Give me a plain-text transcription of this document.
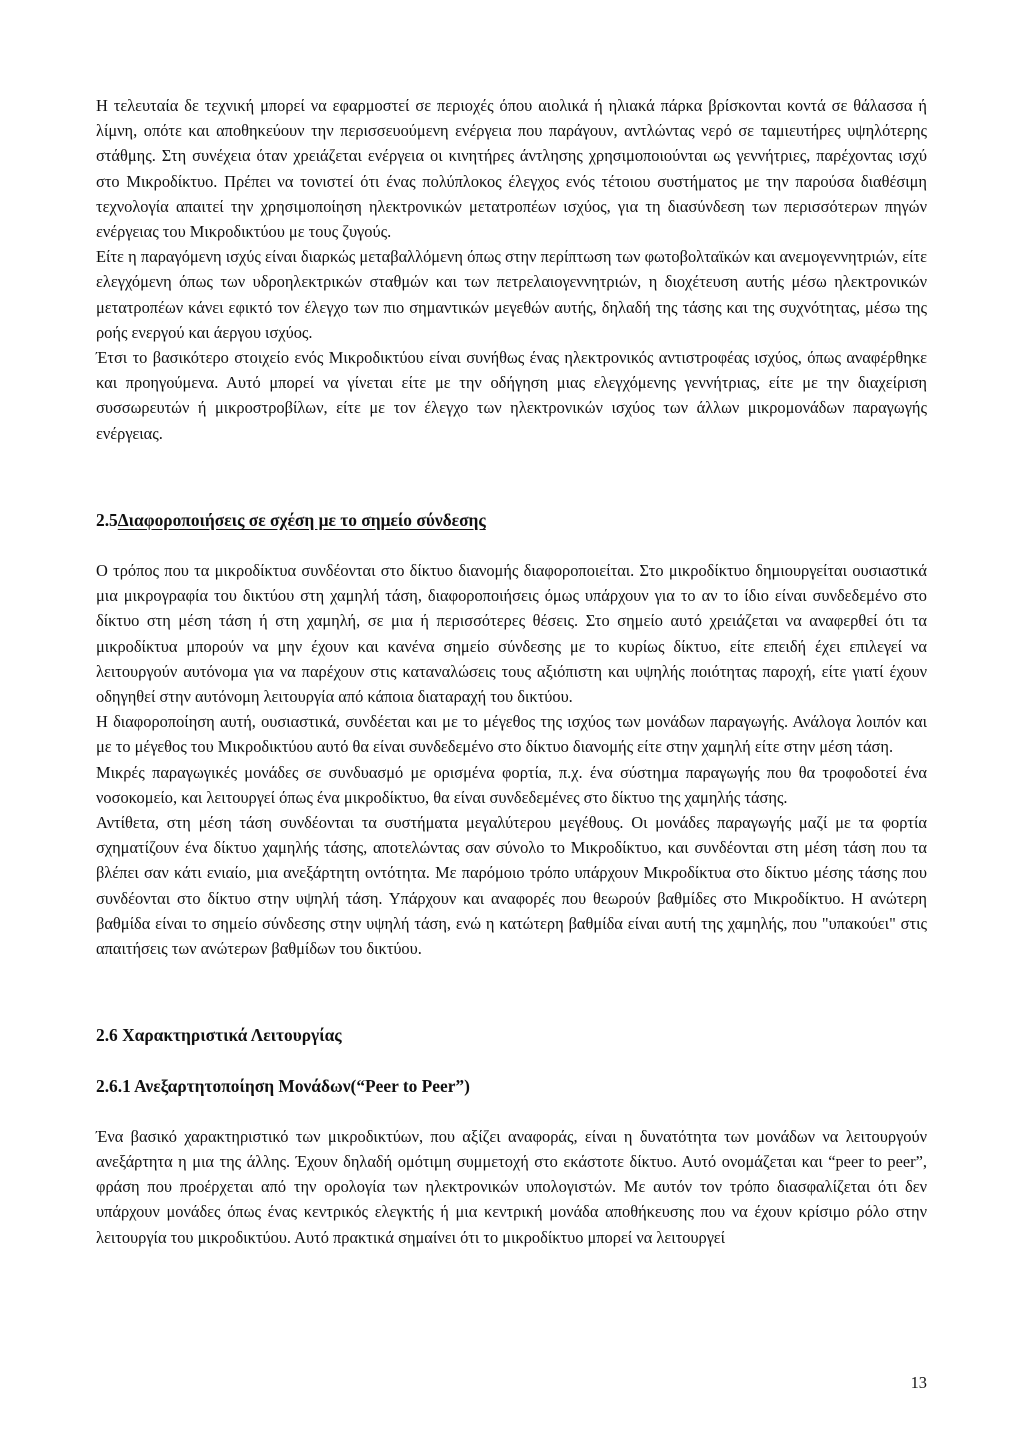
Η τελευταία δε τεχνική μπορεί να εφαρμοστεί σε περιοχές όπου αιολικά ή ηλιακά πάρκα βρίσκονται κοντά σε θάλασσα ή λίμνη, οπότε και αποθηκεύουν την περισσευούμενη ενέργεια που παράγουν, αντλώντας νερό σε ταμιευτήρες υψηλότερης στάθμης. Στη συνέχεια όταν χρειάζεται ενέργεια οι κινητήρες άντλησης χρησιμοποιούνται ως γεννήτριες, παρέχοντας ισχύ στο Μικροδίκτυο. Πρέπει να τονιστεί ότι ένας πολύπλοκος έλεγχος ενός τέτοιου συστήματος με την παρούσα διαθέσιμη τεχνολογία απαιτεί την χρησιμοποίηση ηλεκτρονικών μετατροπέων ισχύος, για τη διασύνδεση των περισσότερων πηγών ενέργειας του Μικροδικτύου με τους ζυγούς.

Είτε η παραγόμενη ισχύς είναι διαρκώς μεταβαλλόμενη όπως στην περίπτωση των φωτοβολταϊκών και ανεμογεννητριών, είτε ελεγχόμενη όπως των υδροηλεκτρικών σταθμών και των πετρελαιογεννητριών, η διοχέτευση αυτής μέσω ηλεκτρονικών μετατροπέων κάνει εφικτό τον έλεγχο των πιο σημαντικών μεγεθών αυτής, δηλαδή της τάσης και της συχνότητας, μέσω της ροής ενεργού και άεργου ισχύος.

Έτσι το βασικότερο στοιχείο ενός Μικροδικτύου είναι συνήθως ένας ηλεκτρονικός αντιστροφέας ισχύος, όπως αναφέρθηκε και προηγούμενα. Αυτό μπορεί να γίνεται είτε με την οδήγηση μιας ελεγχόμενης γεννήτριας, είτε με την διαχείριση συσσωρευτών ή μικροστροβίλων, είτε με τον έλεγχο των ηλεκτρονικών ισχύος των άλλων μικρομονάδων παραγωγής ενέργειας.

2.5Διαφοροποιήσεις σε σχέση με το σημείο σύνδεσης

Ο τρόπος που τα μικροδίκτυα συνδέονται στο δίκτυο διανομής διαφοροποιείται. Στο μικροδίκτυο δημιουργείται ουσιαστικά μια μικρογραφία του δικτύου στη χαμηλή τάση, διαφοροποιήσεις όμως υπάρχουν για το αν το ίδιο είναι συνδεδεμένο στο δίκτυο στη μέση τάση ή στη χαμηλή, σε μια ή περισσότερες θέσεις. Στο σημείο αυτό χρειάζεται να αναφερθεί ότι τα μικροδίκτυα μπορούν να μην έχουν και κανένα σημείο σύνδεσης με το κυρίως δίκτυο, είτε επειδή έχει επιλεγεί να λειτουργούν αυτόνομα για να παρέχουν στις καταναλώσεις τους αξιόπιστη και υψηλής ποιότητας παροχή, είτε γιατί έχουν οδηγηθεί στην αυτόνομη λειτουργία από κάποια διαταραχή του δικτύου.

Η διαφοροποίηση αυτή, ουσιαστικά, συνδέεται και με το μέγεθος της ισχύος των μονάδων παραγωγής. Ανάλογα λοιπόν και με το μέγεθος του Μικροδικτύου αυτό θα είναι συνδεδεμένο στο δίκτυο διανομής είτε στην χαμηλή είτε στην μέση τάση.

Μικρές παραγωγικές μονάδες σε συνδυασμό με ορισμένα φορτία, π.χ. ένα σύστημα παραγωγής που θα τροφοδοτεί ένα νοσοκομείο, και λειτουργεί όπως ένα μικροδίκτυο, θα είναι συνδεδεμένες στο δίκτυο της χαμηλής τάσης.

Αντίθετα, στη μέση τάση συνδέονται τα συστήματα μεγαλύτερου μεγέθους. Οι μονάδες παραγωγής μαζί με τα φορτία σχηματίζουν ένα δίκτυο χαμηλής τάσης, αποτελώντας σαν σύνολο το Μικροδίκτυο, και συνδέονται στη μέση τάση που τα βλέπει σαν κάτι ενιαίο, μια ανεξάρτητη οντότητα. Με παρόμοιο τρόπο υπάρχουν Μικροδίκτυα στο δίκτυο μέσης τάσης που συνδέονται στο δίκτυο στην υψηλή τάση. Υπάρχουν και αναφορές που θεωρούν βαθμίδες στο Μικροδίκτυο. Η ανώτερη βαθμίδα είναι το σημείο σύνδεσης στην υψηλή τάση, ενώ η κατώτερη βαθμίδα είναι αυτή της χαμηλής, που "υπακούει" στις απαιτήσεις των ανώτερων βαθμίδων του δικτύου.

2.6 Χαρακτηριστικά Λειτουργίας
2.6.1 Ανεξαρτητοποίηση Μονάδων(“Peer to Peer”)

Ένα βασικό χαρακτηριστικό των μικροδικτύων, που αξίζει αναφοράς, είναι η δυνατότητα των μονάδων να λειτουργούν ανεξάρτητα η μια της άλλης. Έχουν δηλαδή ομότιμη συμμετοχή στο εκάστοτε δίκτυο. Αυτό ονομάζεται και “peer to peer”, φράση που προέρχεται από την ορολογία των ηλεκτρονικών υπολογιστών. Με αυτόν τον τρόπο διασφαλίζεται ότι δεν υπάρχουν μονάδες όπως ένας κεντρικός ελεγκτής ή μια κεντρική μονάδα αποθήκευσης που να έχουν κρίσιμο ρόλο στην λειτουργία του μικροδικτύου. Αυτό πρακτικά σημαίνει ότι το μικροδίκτυο μπορεί να λειτουργεί

13
